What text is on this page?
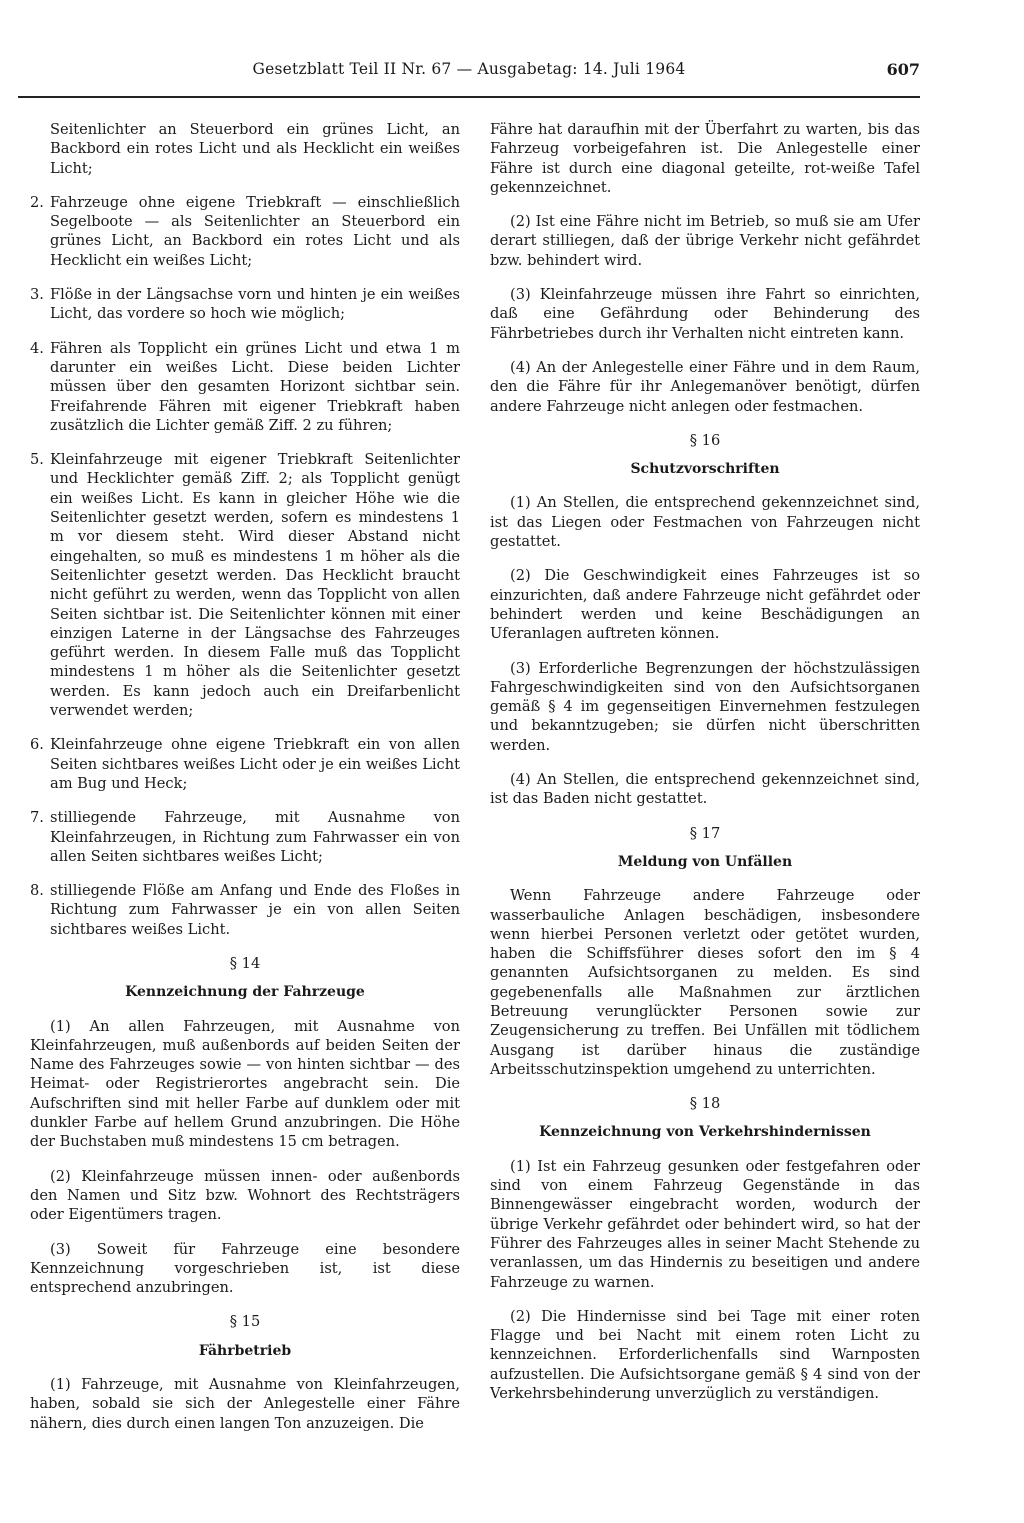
Gesetzblatt Teil II Nr. 67 — Ausgabetag: 14. Juli 1964	607

Seitenlichter an Steuerbord ein grünes Licht, an Backbord ein rotes Licht und als Hecklicht ein weißes Licht;

2. Fahrzeuge ohne eigene Triebkraft — einschließlich Segelboote — als Seitenlichter an Steuerbord ein grünes Licht, an Backbord ein rotes Licht und als Hecklicht ein weißes Licht;
3. Flöße in der Längsachse vorn und hinten je ein weißes Licht, das vordere so hoch wie möglich;
4. Fähren als Topplicht ein grünes Licht und etwa 1 m darunter ein weißes Licht. Diese beiden Lichter müssen über den gesamten Horizont sichtbar sein. Freifahrende Fähren mit eigener Triebkraft haben zusätzlich die Lichter gemäß Ziff. 2 zu führen;
5. Kleinfahrzeuge mit eigener Triebkraft Seitenlichter und Hecklichter gemäß Ziff. 2; als Topplicht genügt ein weißes Licht. Es kann in gleicher Höhe wie die Seitenlichter gesetzt werden, sofern es mindestens 1 m vor diesem steht. Wird dieser Abstand nicht eingehalten, so muß es mindestens 1 m höher als die Seitenlichter gesetzt werden. Das Hecklicht braucht nicht geführt zu werden, wenn das Topplicht von allen Seiten sichtbar ist. Die Seitenlichter können mit einer einzigen Laterne in der Längsachse des Fahrzeuges geführt werden. In diesem Falle muß das Topplicht mindestens 1 m höher als die Seitenlichter gesetzt werden. Es kann jedoch auch ein Dreifarbenlicht verwendet werden;
6. Kleinfahrzeuge ohne eigene Triebkraft ein von allen Seiten sichtbares weißes Licht oder je ein weißes Licht am Bug und Heck;
7. stilliegende Fahrzeuge, mit Ausnahme von Kleinfahrzeugen, in Richtung zum Fahrwasser ein von allen Seiten sichtbares weißes Licht;
8. stilliegende Flöße am Anfang und Ende des Floßes in Richtung zum Fahrwasser je ein von allen Seiten sichtbares weißes Licht.
§ 14
Kennzeichnung der Fahrzeuge

(1) An allen Fahrzeugen, mit Ausnahme von Kleinfahrzeugen, muß außenbords auf beiden Seiten der Name des Fahrzeuges sowie — von hinten sichtbar — des Heimat- oder Registrierortes angebracht sein. Die Aufschriften sind mit heller Farbe auf dunklem oder mit dunkler Farbe auf hellem Grund anzubringen. Die Höhe der Buchstaben muß mindestens 15 cm betragen.

(2) Kleinfahrzeuge müssen innen- oder außenbords den Namen und Sitz bzw. Wohnort des Rechtsträgers oder Eigentümers tragen.

(3) Soweit für Fahrzeuge eine besondere Kennzeichnung vorgeschrieben ist, ist diese entsprechend anzubringen.

§ 15
Fährbetrieb

(1) Fahrzeuge, mit Ausnahme von Kleinfahrzeugen, haben, sobald sie sich der Anlegestelle einer Fähre nähern, dies durch einen langen Ton anzuzeigen. Die

Fähre hat daraufhin mit der Überfahrt zu warten, bis das Fahrzeug vorbeigefahren ist. Die Anlegestelle einer Fähre ist durch eine diagonal geteilte, rot-weiße Tafel gekennzeichnet.

(2) Ist eine Fähre nicht im Betrieb, so muß sie am Ufer derart stilliegen, daß der übrige Verkehr nicht gefährdet bzw. behindert wird.

(3) Kleinfahrzeuge müssen ihre Fahrt so einrichten, daß eine Gefährdung oder Behinderung des Fährbetriebes durch ihr Verhalten nicht eintreten kann.

(4) An der Anlegestelle einer Fähre und in dem Raum, den die Fähre für ihr Anlegemanöver benötigt, dürfen andere Fahrzeuge nicht anlegen oder festmachen.

§ 16
Schutzvorschriften

(1) An Stellen, die entsprechend gekennzeichnet sind, ist das Liegen oder Festmachen von Fahrzeugen nicht gestattet.

(2) Die Geschwindigkeit eines Fahrzeuges ist so einzurichten, daß andere Fahrzeuge nicht gefährdet oder behindert werden und keine Beschädigungen an Uferanlagen auftreten können.

(3) Erforderliche Begrenzungen der höchstzulässigen Fahrgeschwindigkeiten sind von den Aufsichtsorganen gemäß § 4 im gegenseitigen Einvernehmen festzulegen und bekanntzugeben; sie dürfen nicht überschritten werden.

(4) An Stellen, die entsprechend gekennzeichnet sind, ist das Baden nicht gestattet.

§ 17
Meldung von Unfällen

Wenn Fahrzeuge andere Fahrzeuge oder wasserbauliche Anlagen beschädigen, insbesondere wenn hierbei Personen verletzt oder getötet wurden, haben die Schiffsführer dieses sofort den im § 4 genannten Aufsichtsorganen zu melden. Es sind gegebenenfalls alle Maßnahmen zur ärztlichen Betreuung verunglückter Personen sowie zur Zeugensicherung zu treffen. Bei Unfällen mit tödlichem Ausgang ist darüber hinaus die zuständige Arbeitsschutzinspektion umgehend zu unterrichten.

§ 18
Kennzeichnung von Verkehrshindernissen

(1) Ist ein Fahrzeug gesunken oder festgefahren oder sind von einem Fahrzeug Gegenstände in das Binnengewässer eingebracht worden, wodurch der übrige Verkehr gefährdet oder behindert wird, so hat der Führer des Fahrzeuges alles in seiner Macht Stehende zu veranlassen, um das Hindernis zu beseitigen und andere Fahrzeuge zu warnen.

(2) Die Hindernisse sind bei Tage mit einer roten Flagge und bei Nacht mit einem roten Licht zu kennzeichnen. Erforderlichenfalls sind Warnposten aufzustellen. Die Aufsichtsorgane gemäß § 4 sind von der Verkehrsbehinderung unverzüglich zu verständigen.
